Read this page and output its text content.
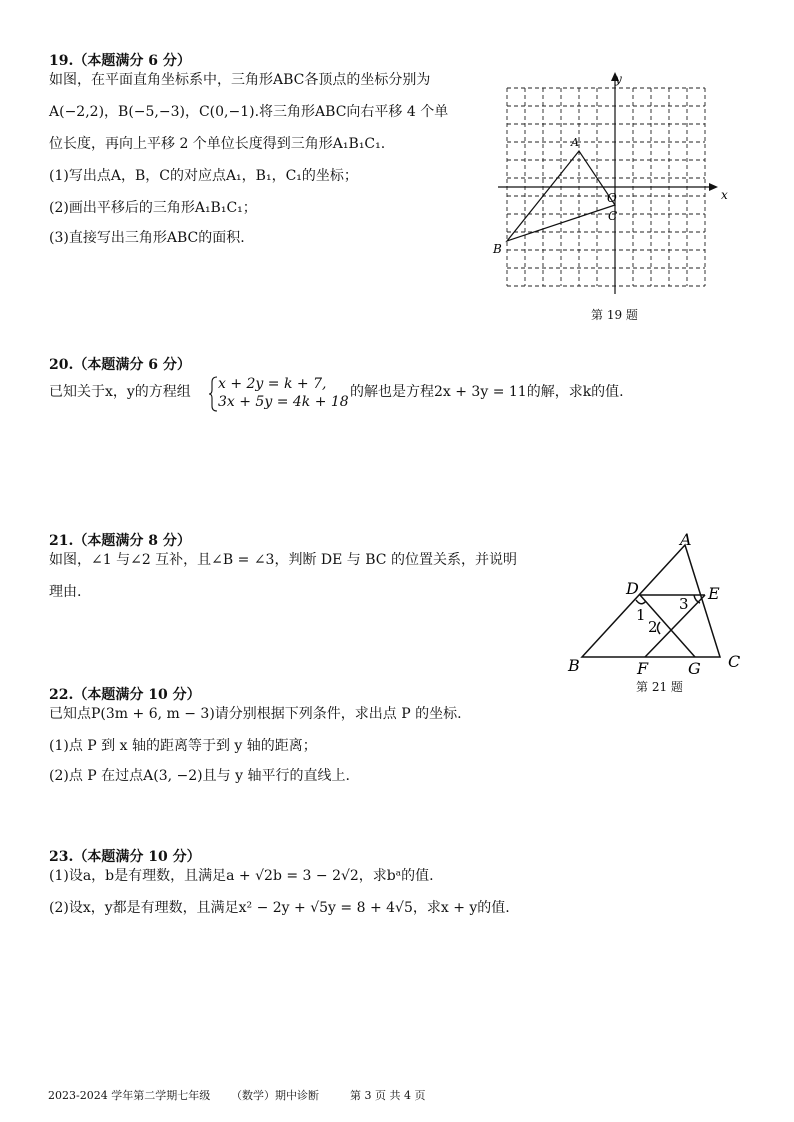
19.（本题满分 6 分）
如图，在平面直角坐标系中，三角形ABC各顶点的坐标分别为
A(−2,2)，B(−5,−3)，C(0,−1).将三角形ABC向右平移 4 个单
位长度，再向上平移 2 个单位长度得到三角形A₁B₁C₁.
(1)写出点A，B，C的对应点A₁，B₁，C₁的坐标；
(2)画出平移后的三角形A₁B₁C₁；
(3)直接写出三角形ABC的面积.
x
y
O
A
B
C
第 19 题
20.（本题满分 6 分）
已知关于x，y的方程组 x + 2y = k + 7,
3x + 5y = 4k + 18
的解也是方程2x + 3y = 11的解，求k的值.
21.（本题满分 8 分）
如图，∠1 与∠2 互补，且∠B = ∠3，判断 DE 与 BC 的位置关系，并说明
理由.
A
B	C
D	E
F G
1
2
3
第 21 题
22.（本题满分 10 分）
已知点P(3m + 6, m − 3)请分别根据下列条件，求出点 P 的坐标.
(1)点 P 到 x 轴的距离等于到 y 轴的距离；
(2)点 P 在过点A(3, −2)且与 y 轴平行的直线上.
23.（本题满分 10 分）
(1)设a，b是有理数，且满足a + √2b = 3 − 2√2，求bᵃ的值.
(2)设x，y都是有理数，且满足x² − 2y + √5y = 8 + 4√5，求x + y的值.
2023-2024 学年第二学期七年级 （数学）期中诊断	第 3 页 共 4 页
